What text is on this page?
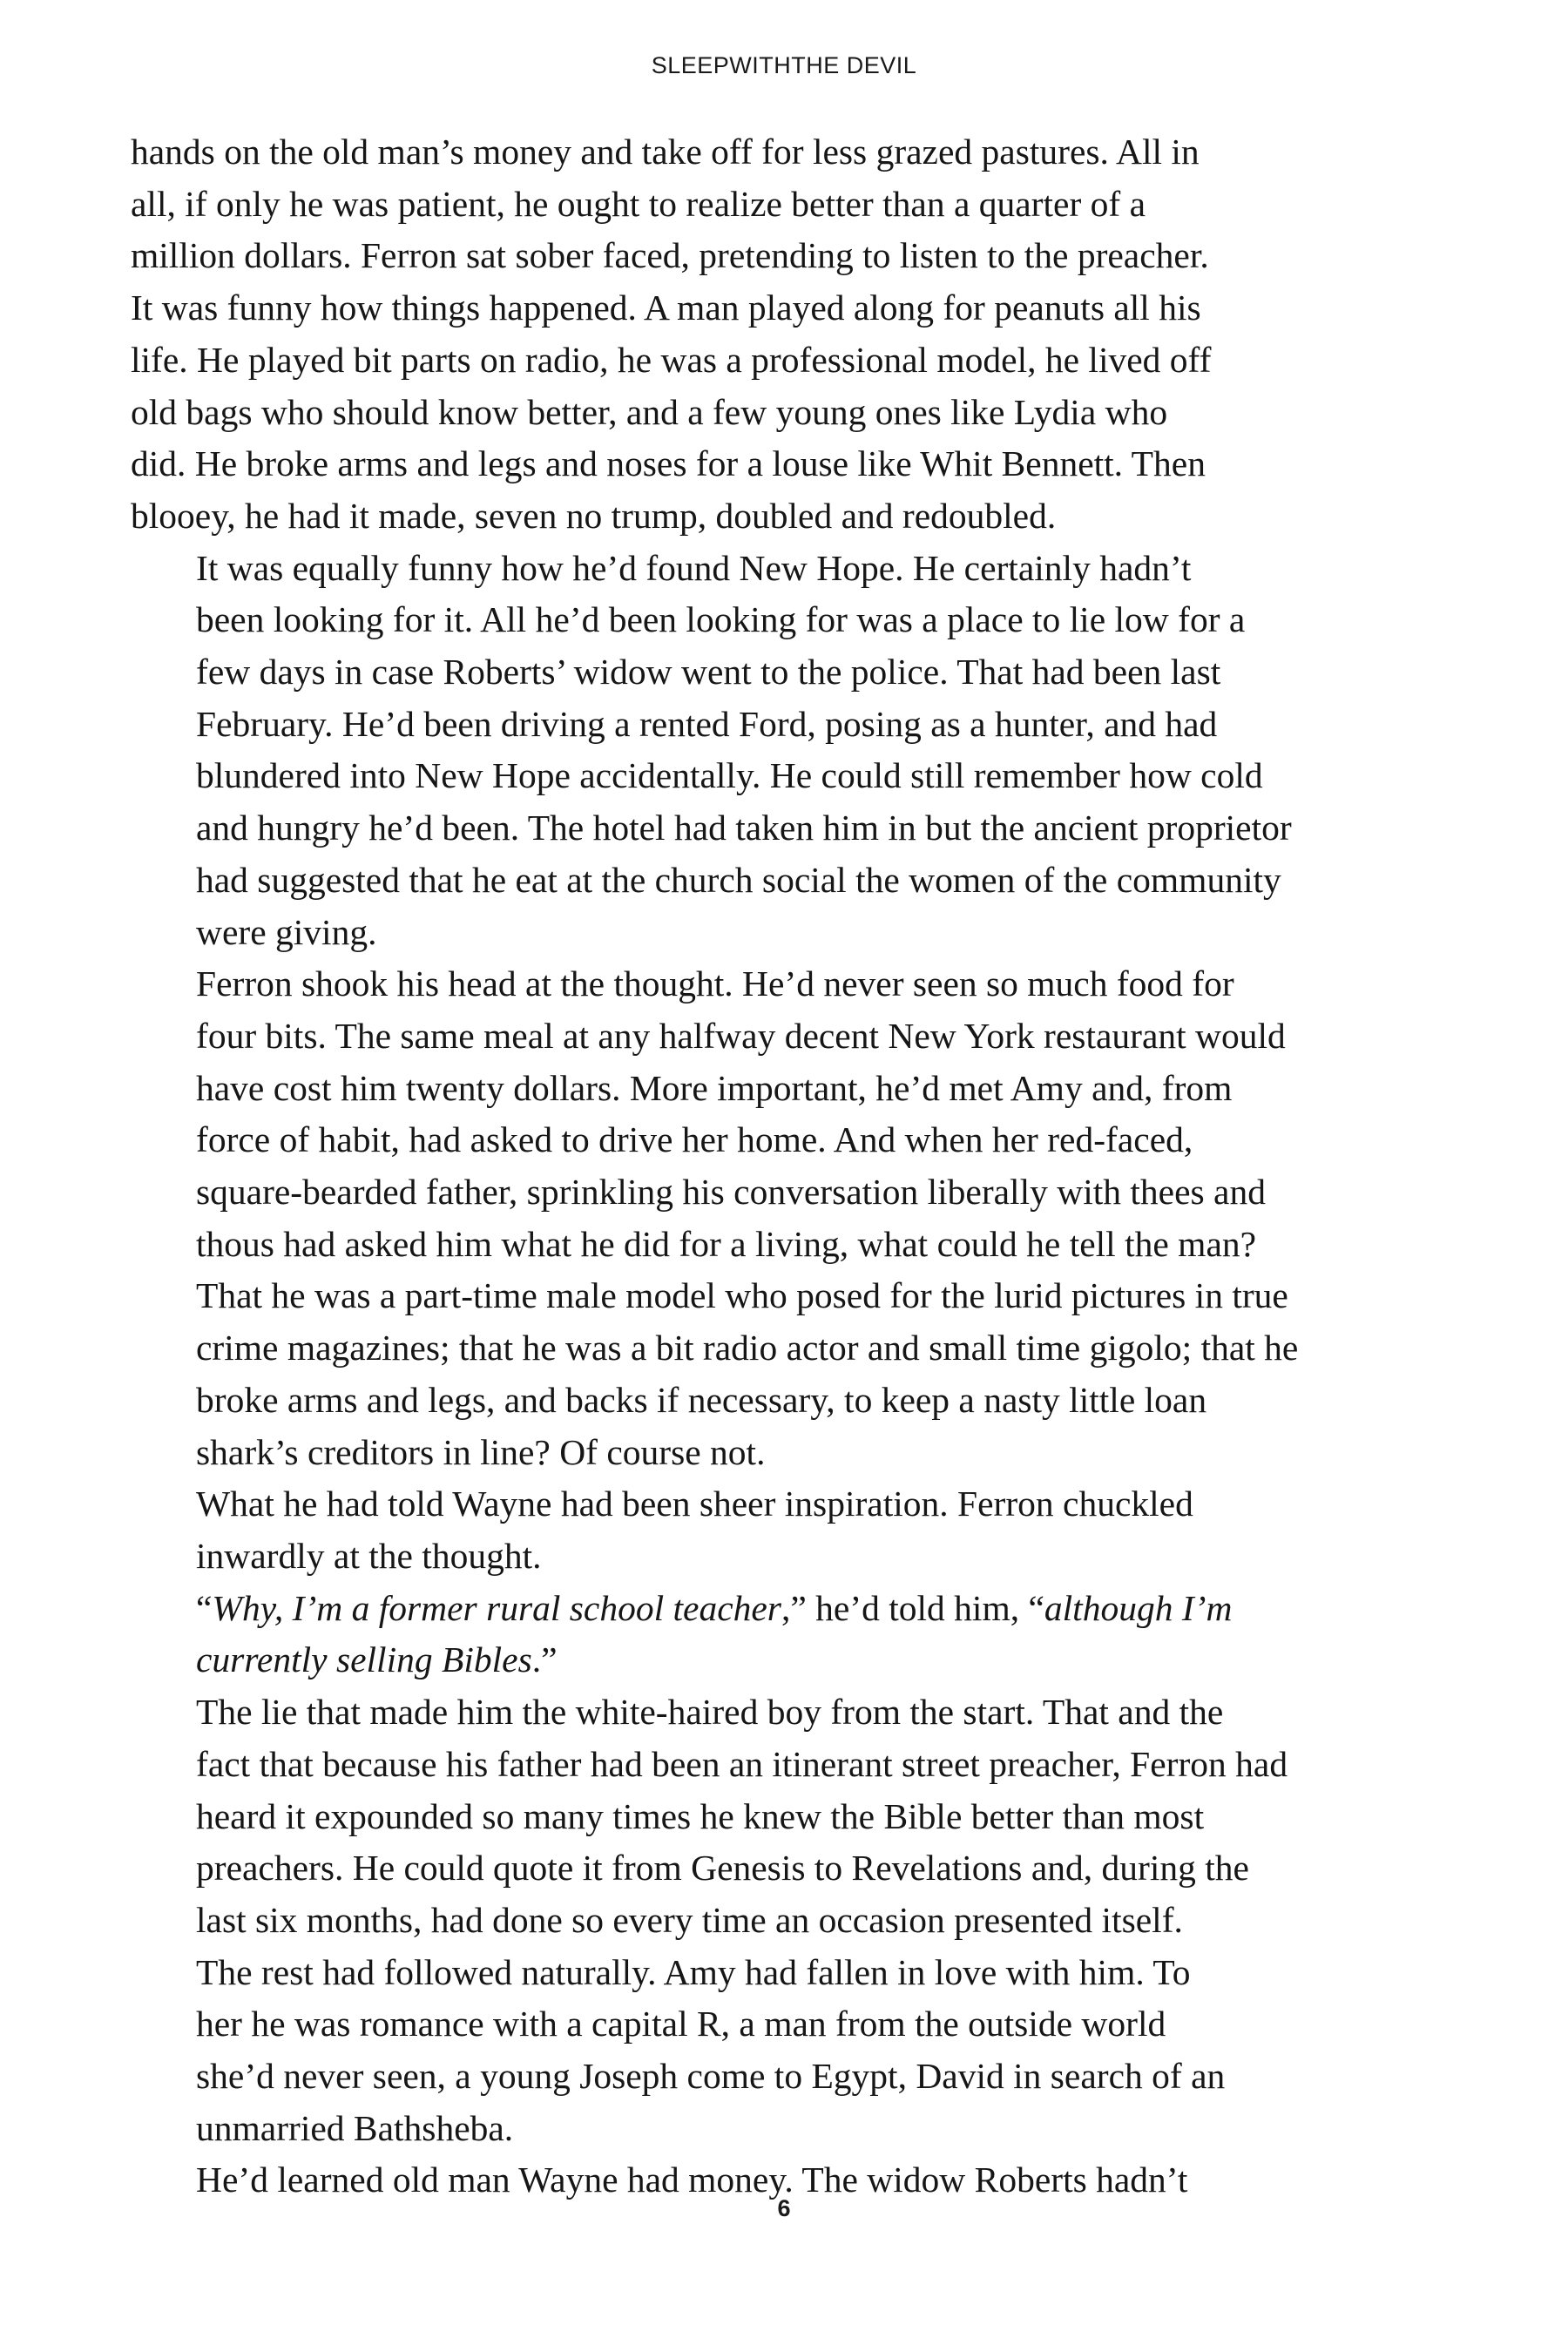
SLEEPWITHTHE DEVIL

hands on the old man’s money and take off for less grazed pastures. All in
all, if only he was patient, he ought to realize better than a quarter of a
million dollars. Ferron sat sober faced, pretending to listen to the preacher.
It was funny how things happened. A man played along for peanuts all his
life. He played bit parts on radio, he was a professional model, he lived off
old bags who should know better, and a few young ones like Lydia who
did. He broke arms and legs and noses for a louse like Whit Bennett. Then
blooey, he had it made, seven no trump, doubled and redoubled.

It was equally funny how he’d found New Hope. He certainly hadn’t
been looking for it. All he’d been looking for was a place to lie low for a
few days in case Roberts’ widow went to the police. That had been last
February. He’d been driving a rented Ford, posing as a hunter, and had
blundered into New Hope accidentally. He could still remember how cold
and hungry he’d been. The hotel had taken him in but the ancient proprietor
had suggested that he eat at the church social the women of the community
were giving.

Ferron shook his head at the thought. He’d never seen so much food for
four bits. The same meal at any halfway decent New York restaurant would
have cost him twenty dollars. More important, he’d met Amy and, from
force of habit, had asked to drive her home. And when her red-faced,
square-bearded father, sprinkling his conversation liberally with thees and
thous had asked him what he did for a living, what could he tell the man?
That he was a part-time male model who posed for the lurid pictures in true
crime magazines; that he was a bit radio actor and small time gigolo; that he
broke arms and legs, and backs if necessary, to keep a nasty little loan
shark’s creditors in line? Of course not.

What he had told Wayne had been sheer inspiration. Ferron chuckled
inwardly at the thought.

“Why, I’m a former rural school teacher,” he’d told him, “although I’m
currently selling Bibles.”

The lie that made him the white-haired boy from the start. That and the
fact that because his father had been an itinerant street preacher, Ferron had
heard it expounded so many times he knew the Bible better than most
preachers. He could quote it from Genesis to Revelations and, during the
last six months, had done so every time an occasion presented itself.

The rest had followed naturally. Amy had fallen in love with him. To
her he was romance with a capital R, a man from the outside world
she’d never seen, a young Joseph come to Egypt, David in search of an
unmarried Bathsheba.

He’d learned old man Wayne had money. The widow Roberts hadn’t

6
